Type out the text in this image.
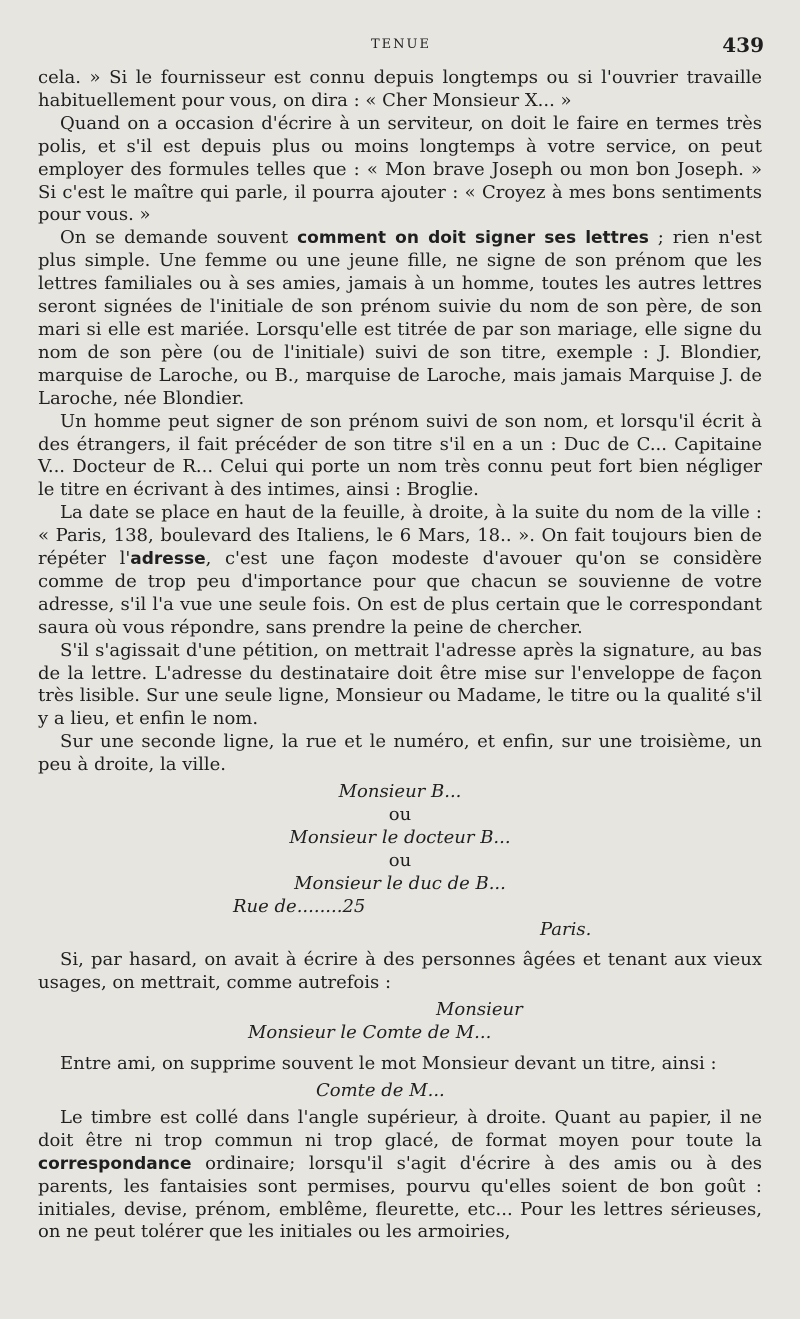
TENUE	439

cela. » Si le fournisseur est connu depuis longtemps ou si l'ouvrier travaille habituellement pour vous, on dira : « Cher Monsieur X... »

Quand on a occasion d'écrire à un serviteur, on doit le faire en termes très polis, et s'il est depuis plus ou moins longtemps à votre service, on peut employer des formules telles que : « Mon brave Joseph ou mon bon Joseph. » Si c'est le maître qui parle, il pourra ajouter : « Croyez à mes bons sentiments pour vous. »

On se demande souvent comment on doit signer ses lettres ; rien n'est plus simple. Une femme ou une jeune fille, ne signe de son prénom que les lettres familiales ou à ses amies, jamais à un homme, toutes les autres lettres seront signées de l'initiale de son prénom suivie du nom de son père, de son mari si elle est mariée. Lorsqu'elle est titrée de par son mariage, elle signe du nom de son père (ou de l'initiale) suivi de son titre, exemple : J. Blondier, marquise de Laroche, ou B., marquise de Laroche, mais jamais Marquise J. de Laroche, née Blondier.

Un homme peut signer de son prénom suivi de son nom, et lorsqu'il écrit à des étrangers, il fait précéder de son titre s'il en a un : Duc de C... Capitaine V... Docteur de R... Celui qui porte un nom très connu peut fort bien négliger le titre en écrivant à des intimes, ainsi : Broglie.

La date se place en haut de la feuille, à droite, à la suite du nom de la ville : « Paris, 138, boulevard des Italiens, le 6 Mars, 18.. ». On fait toujours bien de répéter l'adresse, c'est une façon modeste d'avouer qu'on se considère comme de trop peu d'importance pour que chacun se souvienne de votre adresse, s'il l'a vue une seule fois. On est de plus certain que le correspondant saura où vous répondre, sans prendre la peine de chercher.

S'il s'agissait d'une pétition, on mettrait l'adresse après la signature, au bas de la lettre. L'adresse du destinataire doit être mise sur l'enveloppe de façon très lisible. Sur une seule ligne, Monsieur ou Madame, le titre ou la qualité s'il y a lieu, et enfin le nom.

Sur une seconde ligne, la rue et le numéro, et enfin, sur une troisième, un peu à droite, la ville.

Monsieur B...

ou

Monsieur le docteur B...

ou

Monsieur le duc de B...

Rue de........25

Paris.

Si, par hasard, on avait à écrire à des personnes âgées et tenant aux vieux usages, on mettrait, comme autrefois :

Monsieur

Monsieur le Comte de M...

Entre ami, on supprime souvent le mot Monsieur devant un titre, ainsi :

Comte de M...

Le timbre est collé dans l'angle supérieur, à droite. Quant au papier, il ne doit être ni trop commun ni trop glacé, de format moyen pour toute la correspondance ordinaire; lorsqu'il s'agit d'écrire à des amis ou à des parents, les fantaisies sont permises, pourvu qu'elles soient de bon goût : initiales, devise, prénom, emblême, fleurette, etc... Pour les lettres sérieuses, on ne peut tolérer que les initiales ou les armoiries,
